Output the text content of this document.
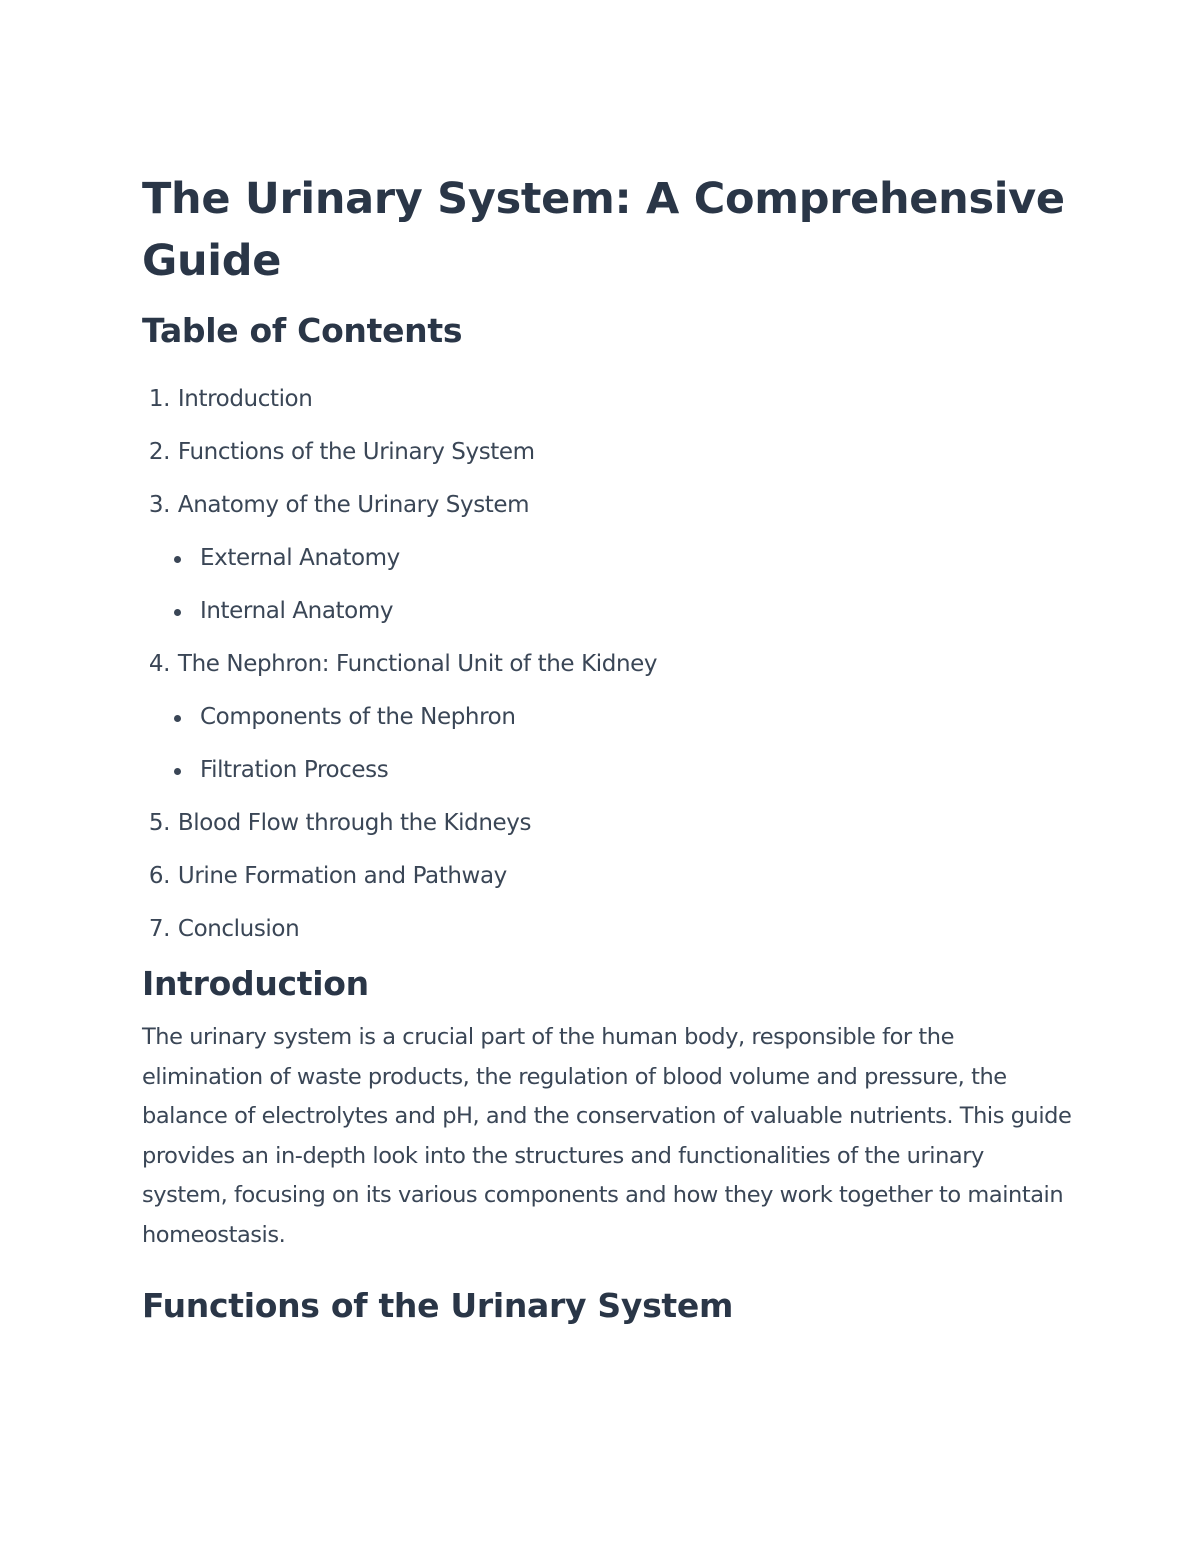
The Urinary System: A Comprehensive Guide
Table of Contents
1. Introduction
2. Functions of the Urinary System
3. Anatomy of the Urinary System
External Anatomy
Internal Anatomy
4. The Nephron: Functional Unit of the Kidney
Components of the Nephron
Filtration Process
5. Blood Flow through the Kidneys
6. Urine Formation and Pathway
7. Conclusion
Introduction

The urinary system is a crucial part of the human body, responsible for the elimination of waste products, the regulation of blood volume and pressure, the balance of electrolytes and pH, and the conservation of valuable nutrients. This guide provides an in-depth look into the structures and functionalities of the urinary system, focusing on its various components and how they work together to maintain homeostasis.

Functions of the Urinary System
